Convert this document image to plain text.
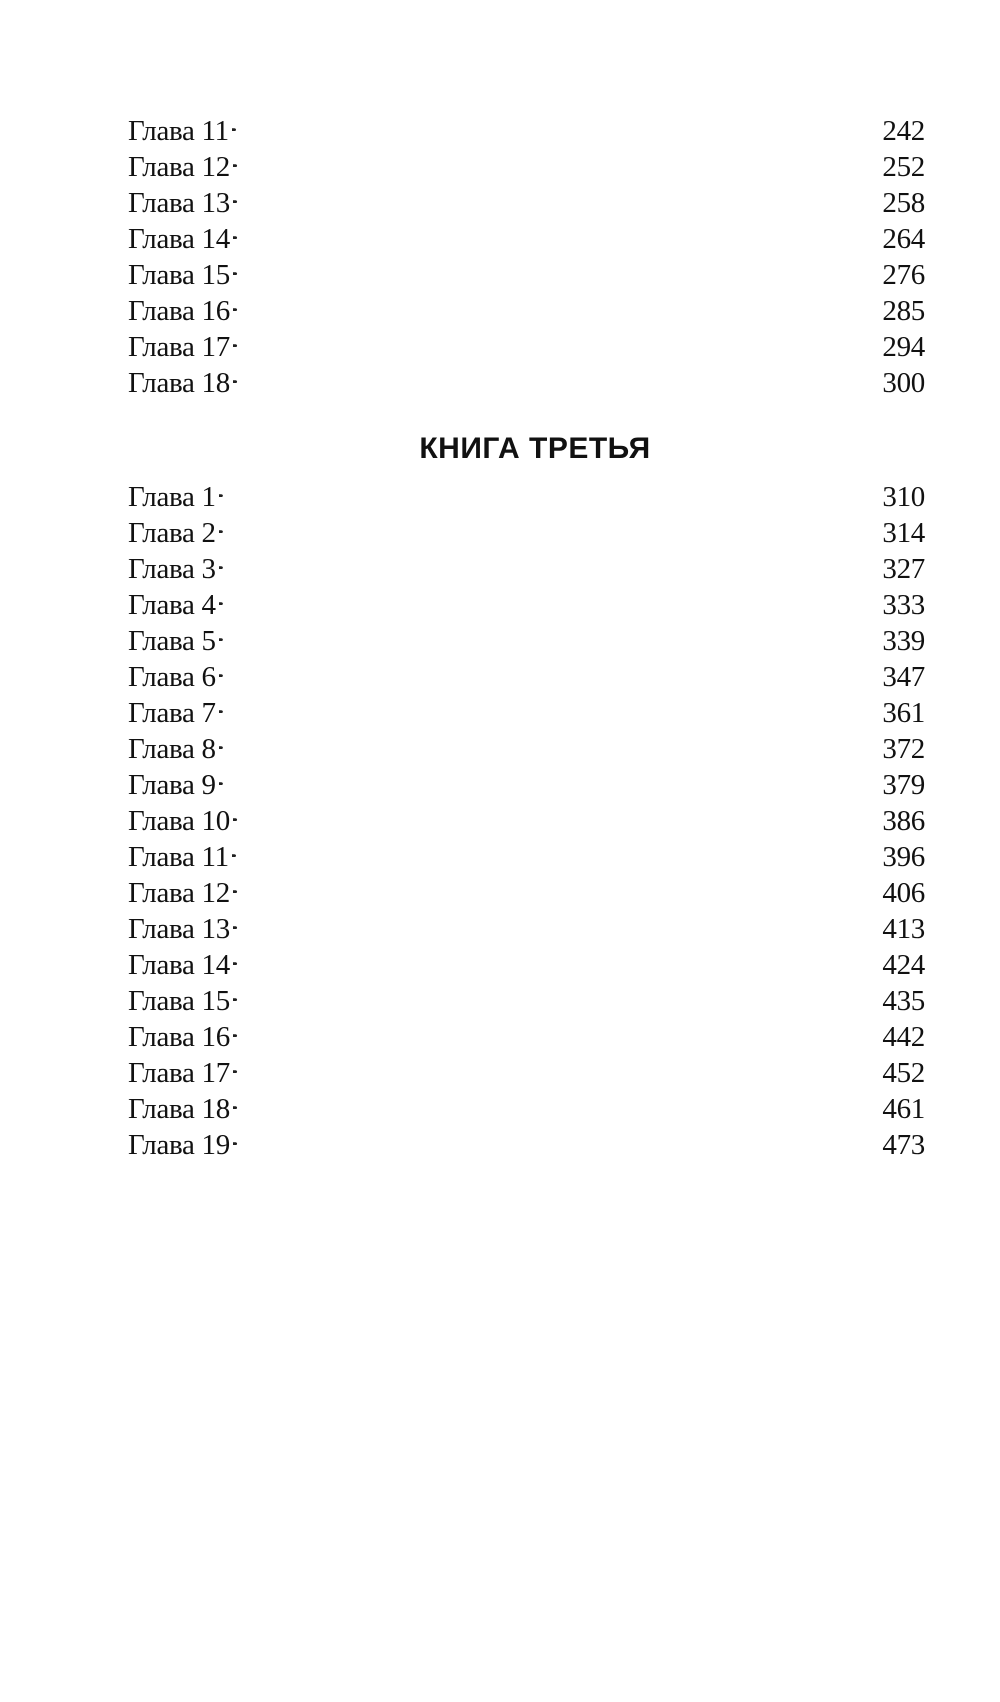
Глава 11 . . .	242
Глава 12 . . .	252
Глава 13 . . .	258
Глава 14 . . .	264
Глава 15 . . .	276
Глава 16 . . .	285
Глава 17 . . .	294
Глава 18 . . .	300
КНИГА ТРЕТЬЯ
Глава 1 . . .	310
Глава 2 . . .	314
Глава 3 . . .	327
Глава 4 . . .	333
Глава 5 . . .	339
Глава 6 . . .	347
Глава 7 . . .	361
Глава 8 . . .	372
Глава 9 . . .	379
Глава 10 . . .	386
Глава 11 . . .	396
Глава 12 . . .	406
Глава 13 . . .	413
Глава 14 . . .	424
Глава 15 . . .	435
Глава 16 . . .	442
Глава 17 . . .	452
Глава 18 . . .	461
Глава 19 . . .	473
